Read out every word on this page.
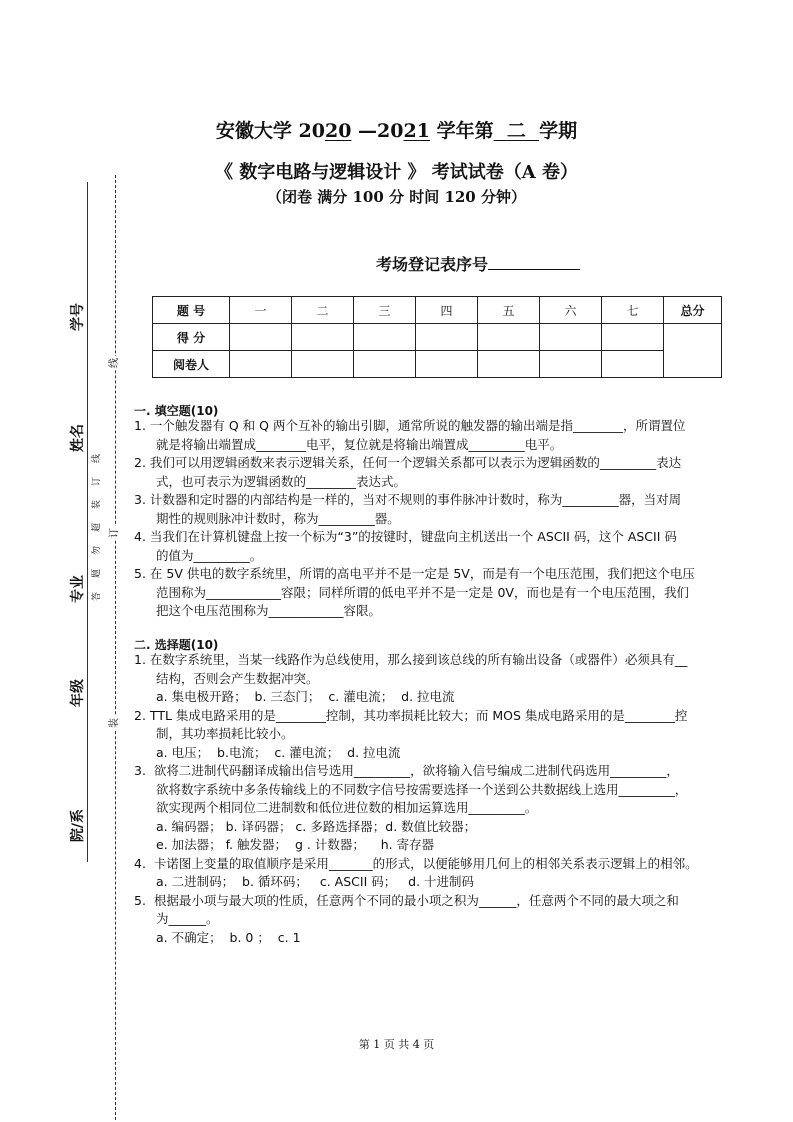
学号
姓名
专业
年级
院/系
线
订
装
答题勿超装订线
安徽大学 2020 —2021 学年第 二 学期
《 数字电路与逻辑设计 》 考试试卷（A 卷）
（闭卷 满分 100 分 时间 120 分钟）
考场登记表序号
题 号	一	二	三	四	五	六	七	总分
得 分								
阅卷人								
一. 填空题(10)
1. 一个触发器有 Q 和 Q 两个互补的输出引脚，通常所说的触发器的输出端是指________，所谓置位
就是将输出端置成________电平，复位就是将输出端置成_________电平。
2. 我们可以用逻辑函数来表示逻辑关系，任何一个逻辑关系都可以表示为逻辑函数的_________表达
式，也可表示为逻辑函数的________表达式。
3. 计数器和定时器的内部结构是一样的，当对不规则的事件脉冲计数时，称为_________器，当对周
期性的规则脉冲计数时，称为_________器。
4. 当我们在计算机键盘上按一个标为“3”的按键时，键盘向主机送出一个 ASCII 码，这个 ASCII 码
的值为_________。
5. 在 5V 供电的数字系统里，所谓的高电平并不是一定是 5V，而是有一个电压范围，我们把这个电压
范围称为____________容限；同样所谓的低电平并不是一定是 0V，而也是有一个电压范围，我们
把这个电压范围称为____________容限。
二. 选择题(10)
1. 在数字系统里，当某一线路作为总线使用，那么接到该总线的所有输出设备（或器件）必须具有__
结构，否则会产生数据冲突。
a. 集电极开路；  b. 三态门；  c. 灌电流；  d. 拉电流
2. TTL 集成电路采用的是________控制，其功率损耗比较大；而 MOS 集成电路采用的是________控
制，其功率损耗比较小。
a. 电压；  b.电流；  c. 灌电流；  d. 拉电流
3.  欲将二进制代码翻译成输出信号选用_________，欲将输入信号编成二进制代码选用_________，
欲将数字系统中多条传输线上的不同数字信号按需要选择一个送到公共数据线上选用_________，
欲实现两个相同位二进制数和低位进位数的相加运算选用_________。
a. 编码器； b. 译码器； c. 多路选择器；d. 数值比较器；
e. 加法器； f. 触发器；  g . 计数器；    h. 寄存器
4.  卡诺图上变量的取值顺序是采用_______的形式，以便能够用几何上的相邻关系表示逻辑上的相邻。
a. 二进制码；  b. 循环码；   c. ASCII 码；   d. 十进制码
5.  根据最小项与最大项的性质，任意两个不同的最小项之积为______，任意两个不同的最大项之和
为______。
a. 不确定；  b. 0 ；  c. 1
第 1 页 共 4 页
